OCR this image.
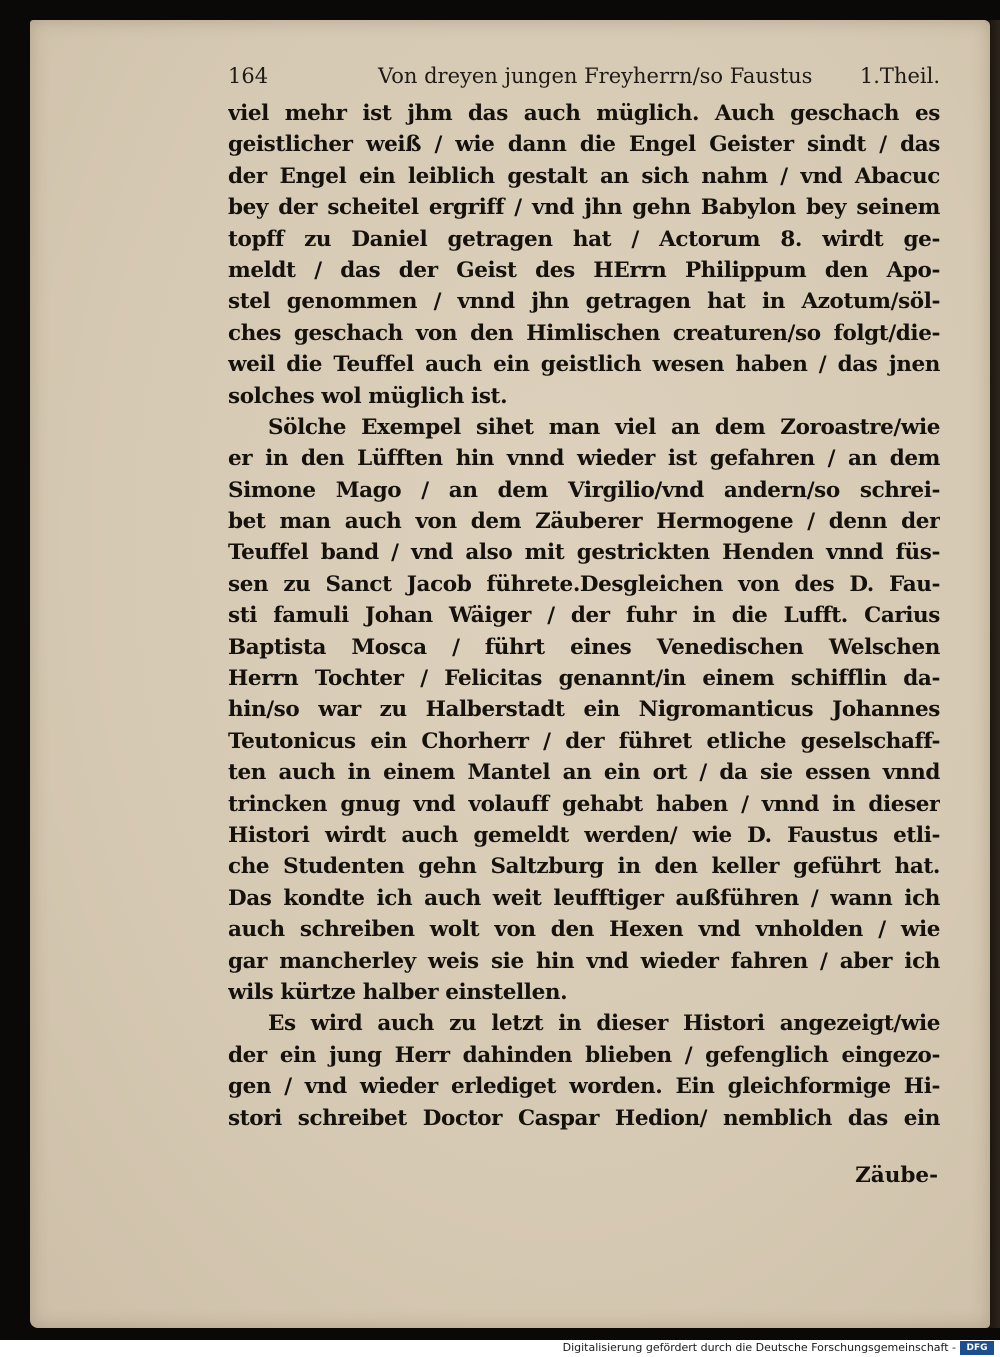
164	Von dreyen jungen Freyherrn/so Faustus 1.Theil.
viel mehr ist jhm das auch müglich. Auch geschach es
geistlicher weiß / wie dann die Engel Geister sindt / das
der Engel ein leiblich gestalt an sich nahm / vnd Abacuc
bey der scheitel ergriff / vnd jhn gehn Babylon bey seinem
topff zu Daniel getragen hat / Actorum 8. wirdt ge-
meldt / das der Geist des HErrn Philippum den Apo-
stel genommen / vnnd jhn getragen hat in Azotum/söl-
ches geschach von den Himlischen creaturen/so folgt/die-
weil die Teuffel auch ein geistlich wesen haben / das jnen
solches wol müglich ist.
Sölche Exempel sihet man viel an dem Zoroastre/wie
er in den Lüfften hin vnnd wieder ist gefahren / an dem
Simone Mago / an dem Virgilio/vnd andern/so schrei-
bet man auch von dem Zäuberer Hermogene / denn der
Teuffel band / vnd also mit gestrickten Henden vnnd füs-
sen zu Sanct Jacob führete.Desgleichen von des D. Fau-
sti famuli Johan Wäiger / der fuhr in die Lufft. Carius
Baptista Mosca / führt eines Venedischen Welschen
Herrn Tochter / Felicitas genannt/in einem schifflin da-
hin/so war zu Halberstadt ein Nigromanticus Johannes
Teutonicus ein Chorherr / der führet etliche geselschaff-
ten auch in einem Mantel an ein ort / da sie essen vnnd
trincken gnug vnd volauff gehabt haben / vnnd in dieser
Histori wirdt auch gemeldt werden/ wie D. Faustus etli-
che Studenten gehn Saltzburg in den keller geführt hat.
Das kondte ich auch weit leufftiger außführen / wann ich
auch schreiben wolt von den Hexen vnd vnholden / wie
gar mancherley weis sie hin vnd wieder fahren / aber ich
wils kürtze halber einstellen.
Es wird auch zu letzt in dieser Histori angezeigt/wie
der ein jung Herr dahinden blieben / gefenglich eingezo-
gen / vnd wieder erlediget worden. Ein gleichformige Hi-
stori schreibet Doctor Caspar Hedion/ nemblich das ein
Zäube-
Digitalisierung gefördert durch die Deutsche Forschungsgemeinschaft -	DFG
